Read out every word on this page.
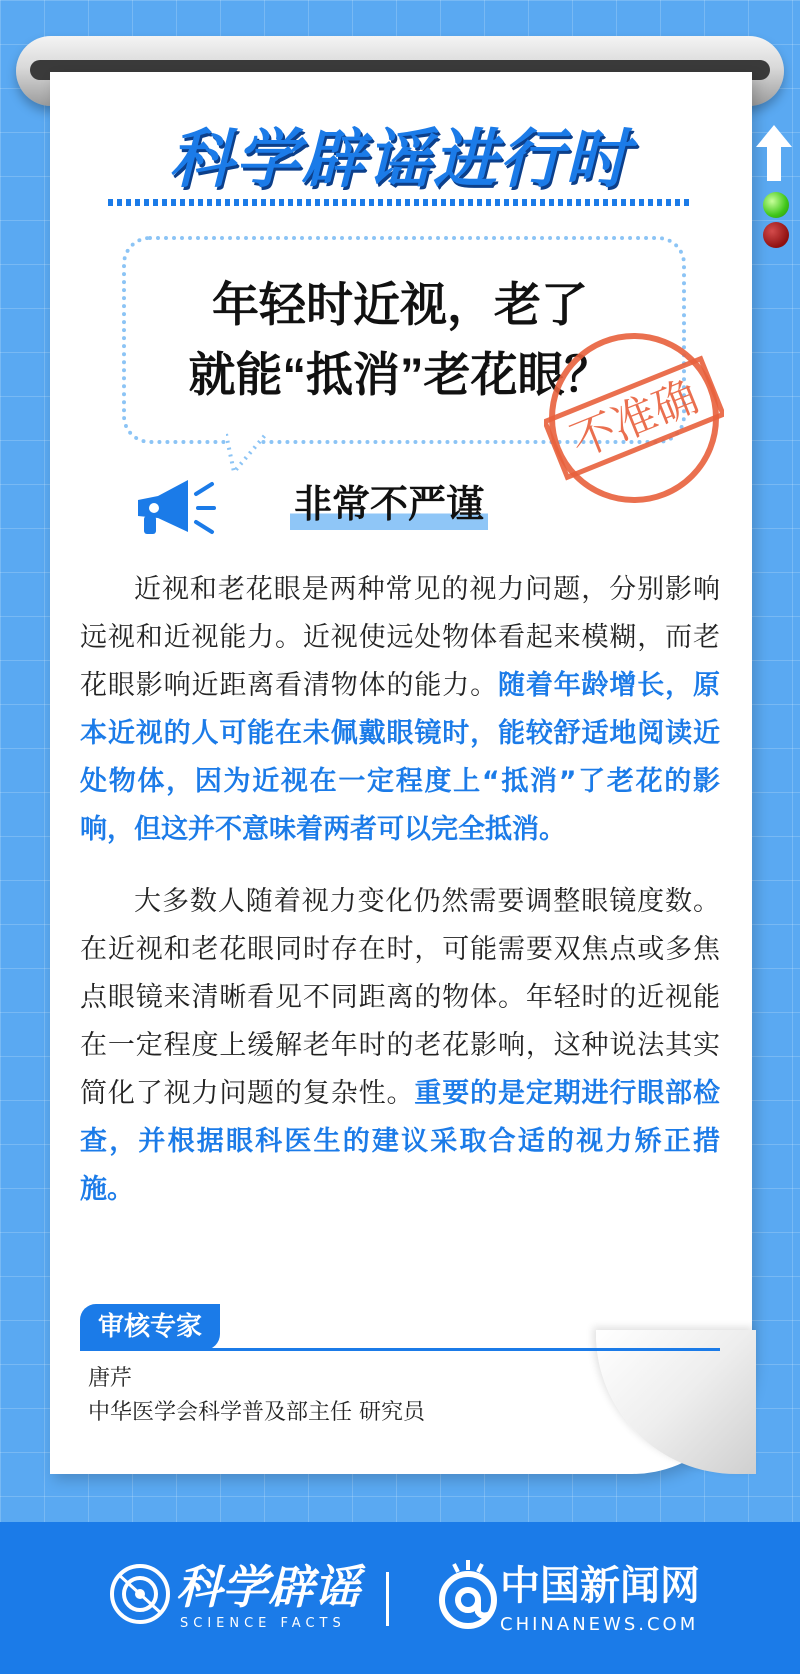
科学辟谣进行时
年轻时近视，老了
就能“抵消”老花眼？
不准确
非常不严谨

近视和老花眼是两种常见的视力问题，分别影响远视和近视能力。近视使远处物体看起来模糊，而老花眼影响近距离看清物体的能力。随着年龄增长，原本近视的人可能在未佩戴眼镜时，能较舒适地阅读近处物体，因为近视在一定程度上“抵消”了老花的影响，但这并不意味着两者可以完全抵消。

大多数人随着视力变化仍然需要调整眼镜度数。在近视和老花眼同时存在时，可能需要双焦点或多焦点眼镜来清晰看见不同距离的物体。年轻时的近视能在一定程度上缓解老年时的老花影响，这种说法其实简化了视力问题的复杂性。重要的是定期进行眼部检查，并根据眼科医生的建议采取合适的视力矫正措施。

审核专家
唐芹
中华医学会科学普及部主任 研究员
科学辟谣
SCIENCE FACTS
中国新闻网
CHINANEWS.COM
